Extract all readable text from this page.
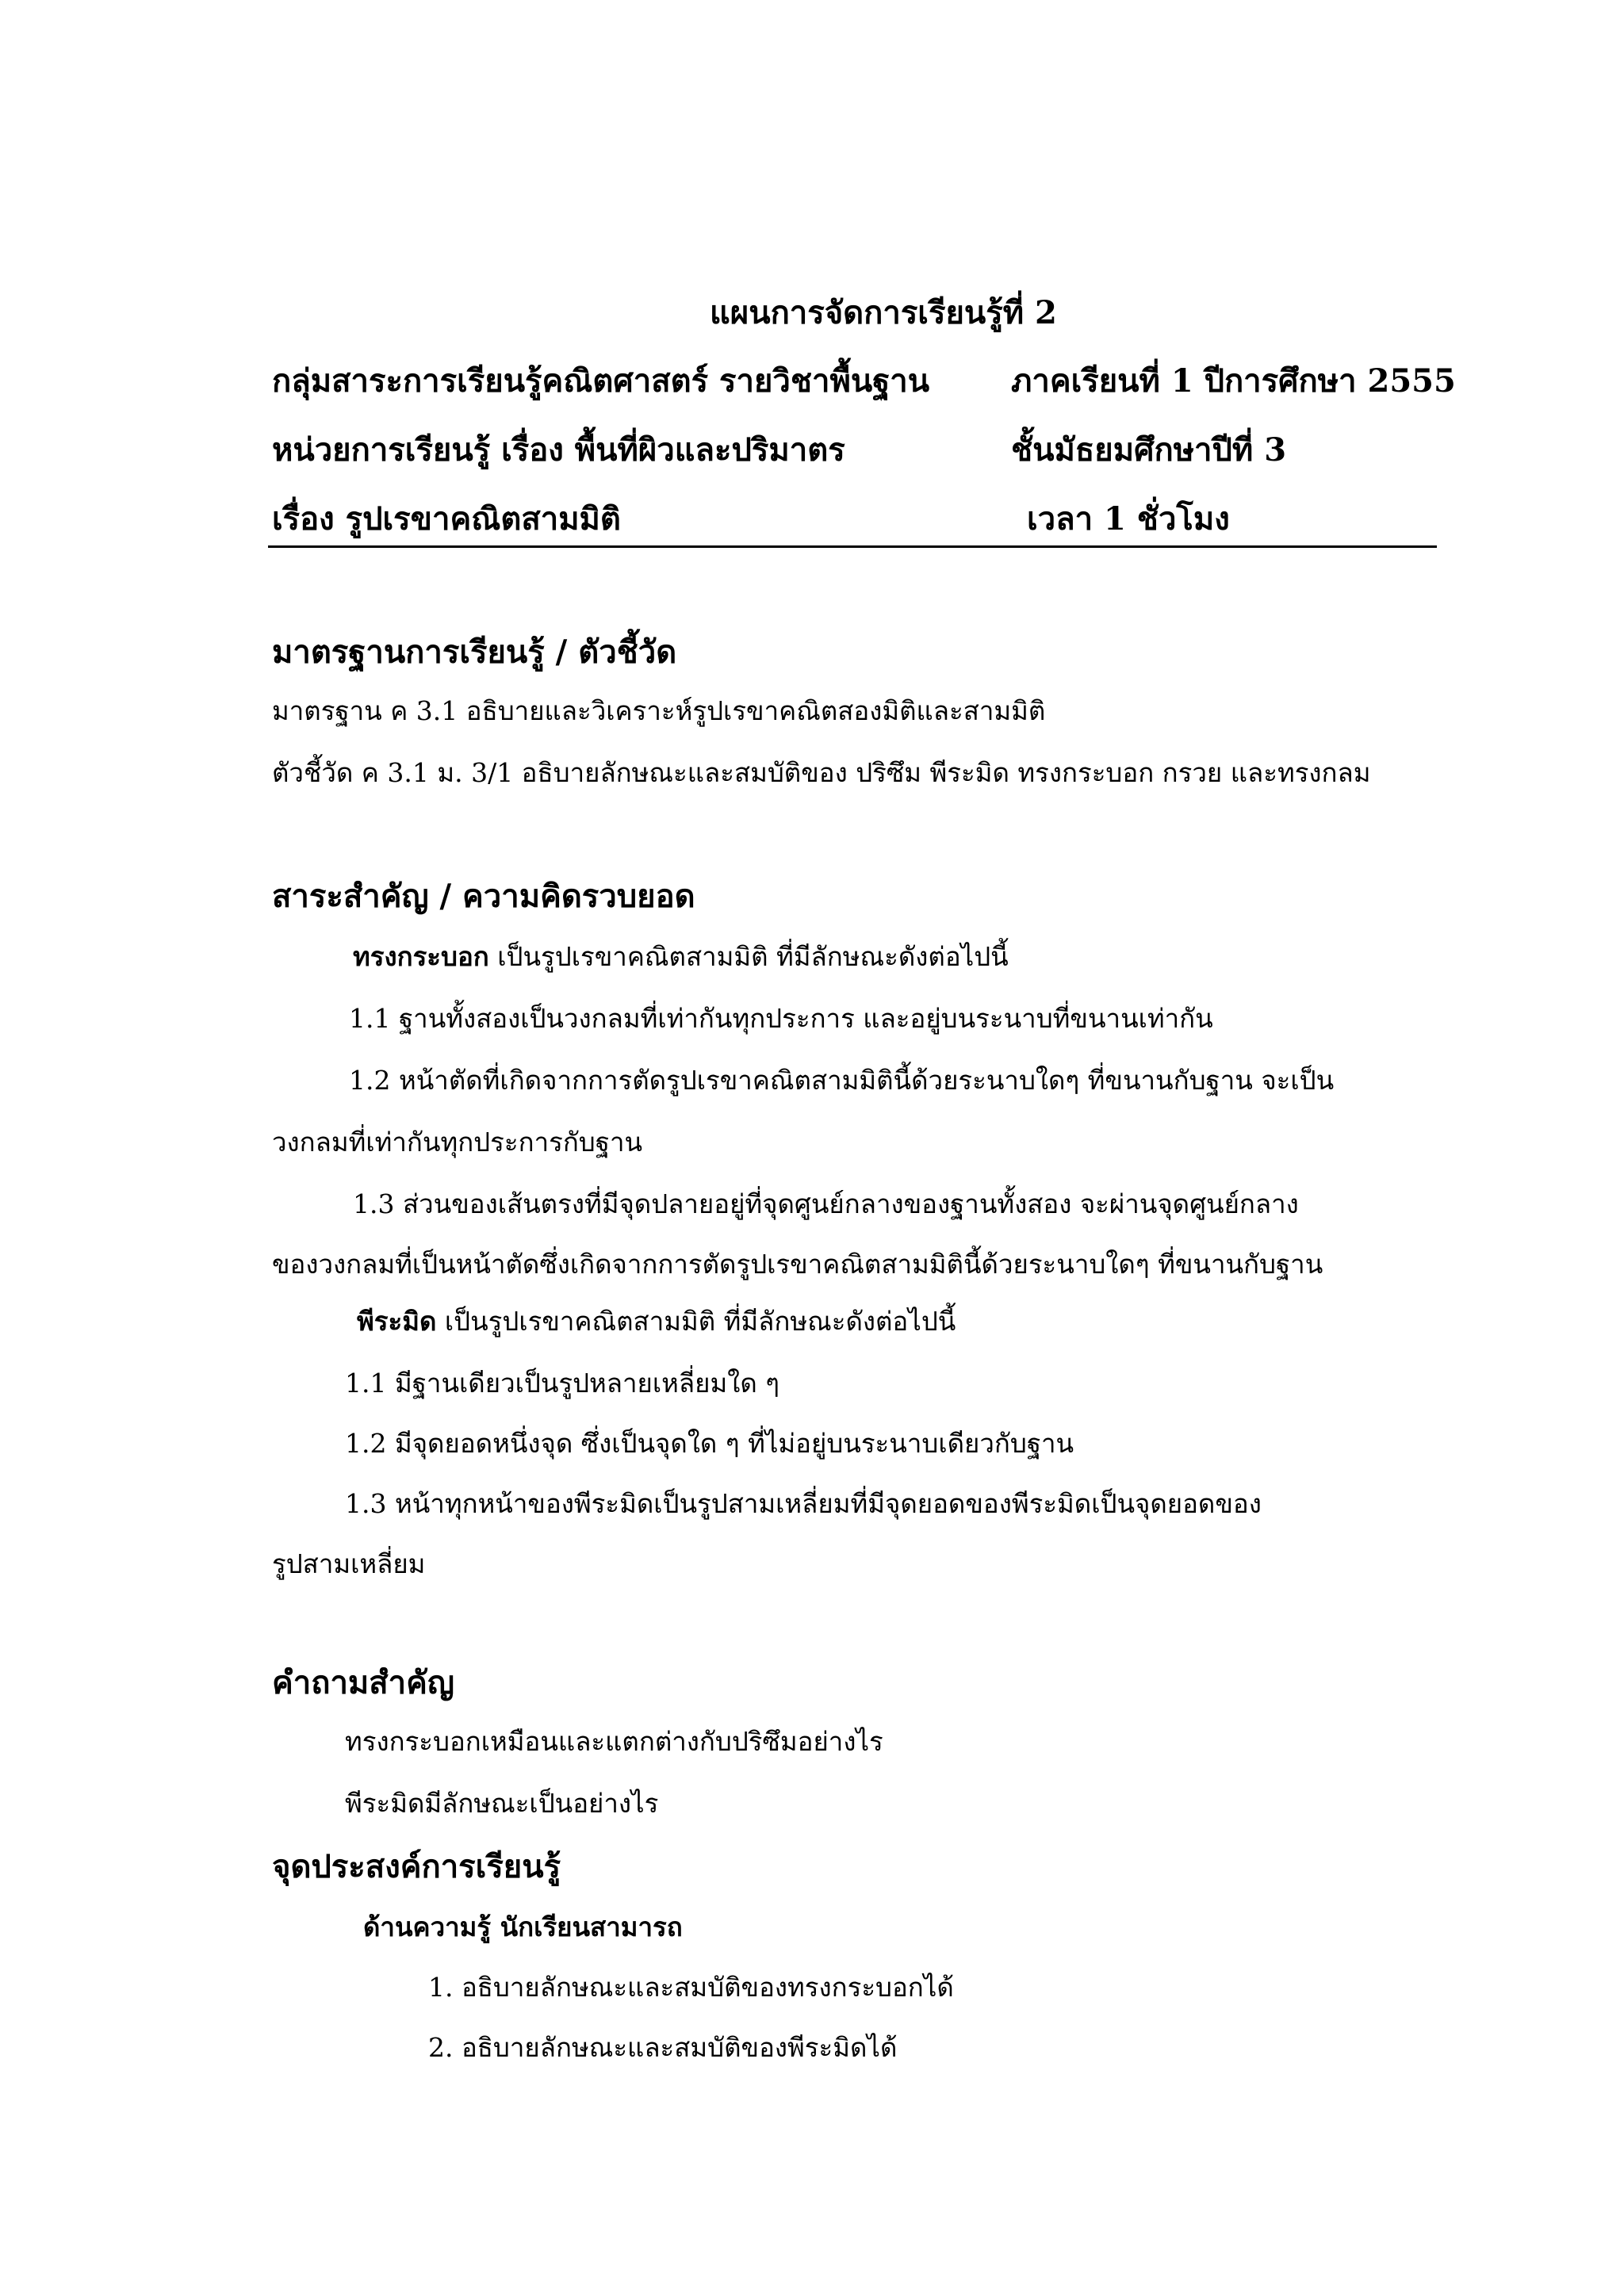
แผนการจัดการเรียนรู้ที่ 2
กลุ่มสาระการเรียนรู้คณิตศาสตร์ รายวิชาพื้นฐาน	ภาคเรียนที่ 1 ปีการศึกษา 2555
หน่วยการเรียนรู้ เรื่อง พื้นที่ผิวและปริมาตร	ชั้นมัธยมศึกษาปีที่ 3
เรื่อง รูปเรขาคณิตสามมิติ	เวลา 1 ชั่วโมง
มาตรฐานการเรียนรู้ / ตัวชี้วัด
มาตรฐาน ค 3.1 อธิบายและวิเคราะห์รูปเรขาคณิตสองมิติและสามมิติ
ตัวชี้วัด ค 3.1 ม. 3/1 อธิบายลักษณะและสมบัติของ ปริซึม พีระมิด ทรงกระบอก กรวย และทรงกลม
สาระสำคัญ / ความคิดรวบยอด
ทรงกระบอก เป็นรูปเรขาคณิตสามมิติ ที่มีลักษณะดังต่อไปนี้
1.1 ฐานทั้งสองเป็นวงกลมที่เท่ากันทุกประการ และอยู่บนระนาบที่ขนานเท่ากัน
1.2 หน้าตัดที่เกิดจากการตัดรูปเรขาคณิตสามมิตินี้ด้วยระนาบใดๆ ที่ขนานกับฐาน จะเป็น
วงกลมที่เท่ากันทุกประการกับฐาน
1.3 ส่วนของเส้นตรงที่มีจุดปลายอยู่ที่จุดศูนย์กลางของฐานทั้งสอง จะผ่านจุดศูนย์กลาง
ของวงกลมที่เป็นหน้าตัดซึ่งเกิดจากการตัดรูปเรขาคณิตสามมิตินี้ด้วยระนาบใดๆ ที่ขนานกับฐาน
พีระมิด เป็นรูปเรขาคณิตสามมิติ ที่มีลักษณะดังต่อไปนี้
1.1 มีฐานเดียวเป็นรูปหลายเหลี่ยมใด ๆ
1.2 มีจุดยอดหนึ่งจุด ซึ่งเป็นจุดใด ๆ ที่ไม่อยู่บนระนาบเดียวกับฐาน
1.3 หน้าทุกหน้าของพีระมิดเป็นรูปสามเหลี่ยมที่มีจุดยอดของพีระมิดเป็นจุดยอดของ
รูปสามเหลี่ยม
คำถามสำคัญ
ทรงกระบอกเหมือนและแตกต่างกับปริซึมอย่างไร
พีระมิดมีลักษณะเป็นอย่างไร
จุดประสงค์การเรียนรู้
ด้านความรู้ นักเรียนสามารถ
1. อธิบายลักษณะและสมบัติของทรงกระบอกได้
2. อธิบายลักษณะและสมบัติของพีระมิดได้
